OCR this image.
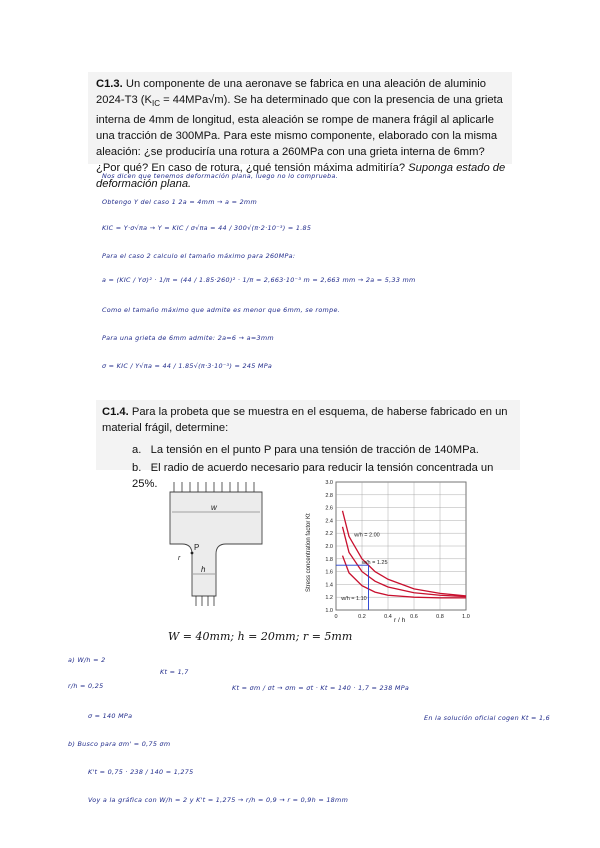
C1.3. Un componente de una aeronave se fabrica en una aleación de aluminio 2024-T3 $(K_{IC} = 44MPa√m)$. Se ha determinado que con la presencia de una grieta interna de 4mm de longitud, esta aleación se rompe de manera frágil al aplicarle una tracción de 300MPa. Para este mismo componente, elaborado con la misma aleación: ¿se produciría una rotura a 260MPa con una grieta interna de 6mm? ¿Por qué? En caso de rotura, ¿qué tensión máxima admitiría? Suponga estado de deformación plana.
Nos dicen que tenemos deformación plana, luego no lo comprueba.
Obtengo Y del caso 1 2a = 4mm → a = 2mm
KIC = Y·σ√πa → Y = KIC / σ√πa = 44 / 300√(π·2·10⁻³) = 1.85
Para el caso 2 calculo el tamaño máximo para 260MPa:
a = (KIC / Yσ)² · 1/π = (44 / 1.85·260)² · 1/π = 2,663·10⁻³ m = 2,663 mm → 2a = 5,33 mm
Como el tamaño máximo que admite es menor que 6mm, se rompe.
Para una grieta de 6mm admite: 2a=6 → a=3mm
σ = KIC / Y√πa = 44 / 1.85√(π·3·10⁻³) = 245 MPa
C1.4. Para la probeta que se muestra en el esquema, de haberse fabricado en un material frágil, determine:
a. La tensión en el punto P para una tensión de tracción de 140MPa.
b. El radio de acuerdo necesario para reducir la tensión concentrada un 25%.
w
h
P
r	Stress concentration factor Kt
r / h
1.0
1.2
1.4
1.6
1.8
2.0
2.2
2.4
2.6
2.8
3.0
0	0.2	0.4	0.6	0.8	1.0
w/h = 2.00
w/h = 1.25
w/h = 1.10
W = 40mm; h = 20mm; r = 5mm
a) W/h = 2
r/h = 0,25
Kt = 1,7
Kt = σm / σt → σm = σt · Kt = 140 · 1,7 = 238 MPa
σ = 140 MPa	En la solución oficial cogen Kt = 1,6
b) Busco para σm' = 0,75 σm
K't = 0,75 · 238 / 140 = 1,275
Voy a la gráfica con W/h = 2 y K't = 1,275 → r/h = 0,9 → r = 0,9h = 18mm
